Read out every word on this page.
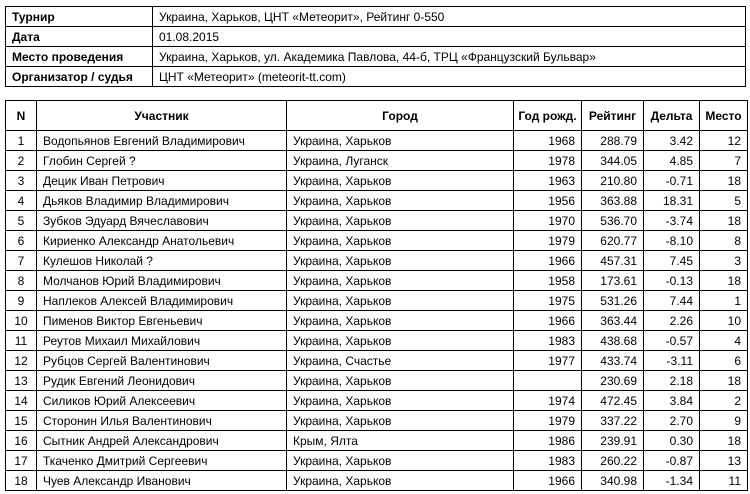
Турнир	Украина, Харьков, ЦНТ «Метеорит», Рейтинг 0-550
Дата	01.08.2015
Место проведения	Украина, Харьков, ул. Академика Павлова, 44-б, ТРЦ «Французский Бульвар»
Организатор / судья	ЦНТ «Метеорит» (meteorit-tt.com)
N	Участник	Город	Год рожд.	Рейтинг	Дельта	Место
1	Водопьянов Евгений Владимирович	Украина, Харьков	1968	288.79	3.42	12
2	Глобин Сергей ?	Украина, Луганск	1978	344.05	4.85	7
3	Децик Иван Петрович	Украина, Харьков	1963	210.80	-0.71	18
4	Дьяков Владимир Владимирович	Украина, Харьков	1956	363.88	18.31	5
5	Зубков Эдуард Вячеславович	Украина, Харьков	1970	536.70	-3.74	18
6	Кириенко Александр Анатольевич	Украина, Харьков	1979	620.77	-8.10	8
7	Кулешов Николай ?	Украина, Харьков	1966	457.31	7.45	3
8	Молчанов Юрий Владимирович	Украина, Харьков	1958	173.61	-0.13	18
9	Наплеков Алексей Владимирович	Украина, Харьков	1975	531.26	7.44	1
10	Пименов Виктор Евгеньевич	Украина, Харьков	1966	363.44	2.26	10
11	Реутов Михаил Михайлович	Украина, Харьков	1983	438.68	-0.57	4
12	Рубцов Сергей Валентинович	Украина, Счастье	1977	433.74	-3.11	6
13	Рудик Евгений Леонидович	Украина, Харьков		230.69	2.18	18
14	Силиков Юрий Алексеевич	Украина, Харьков	1974	472.45	3.84	2
15	Сторонин Илья Валентинович	Украина, Харьков	1979	337.22	2.70	9
16	Сытник Андрей Александрович	Крым, Ялта	1986	239.91	0.30	18
17	Ткаченко Дмитрий Сергеевич	Украина, Харьков	1983	260.22	-0.87	13
18	Чуев Александр Иванович	Украина, Харьков	1966	340.98	-1.34	11
